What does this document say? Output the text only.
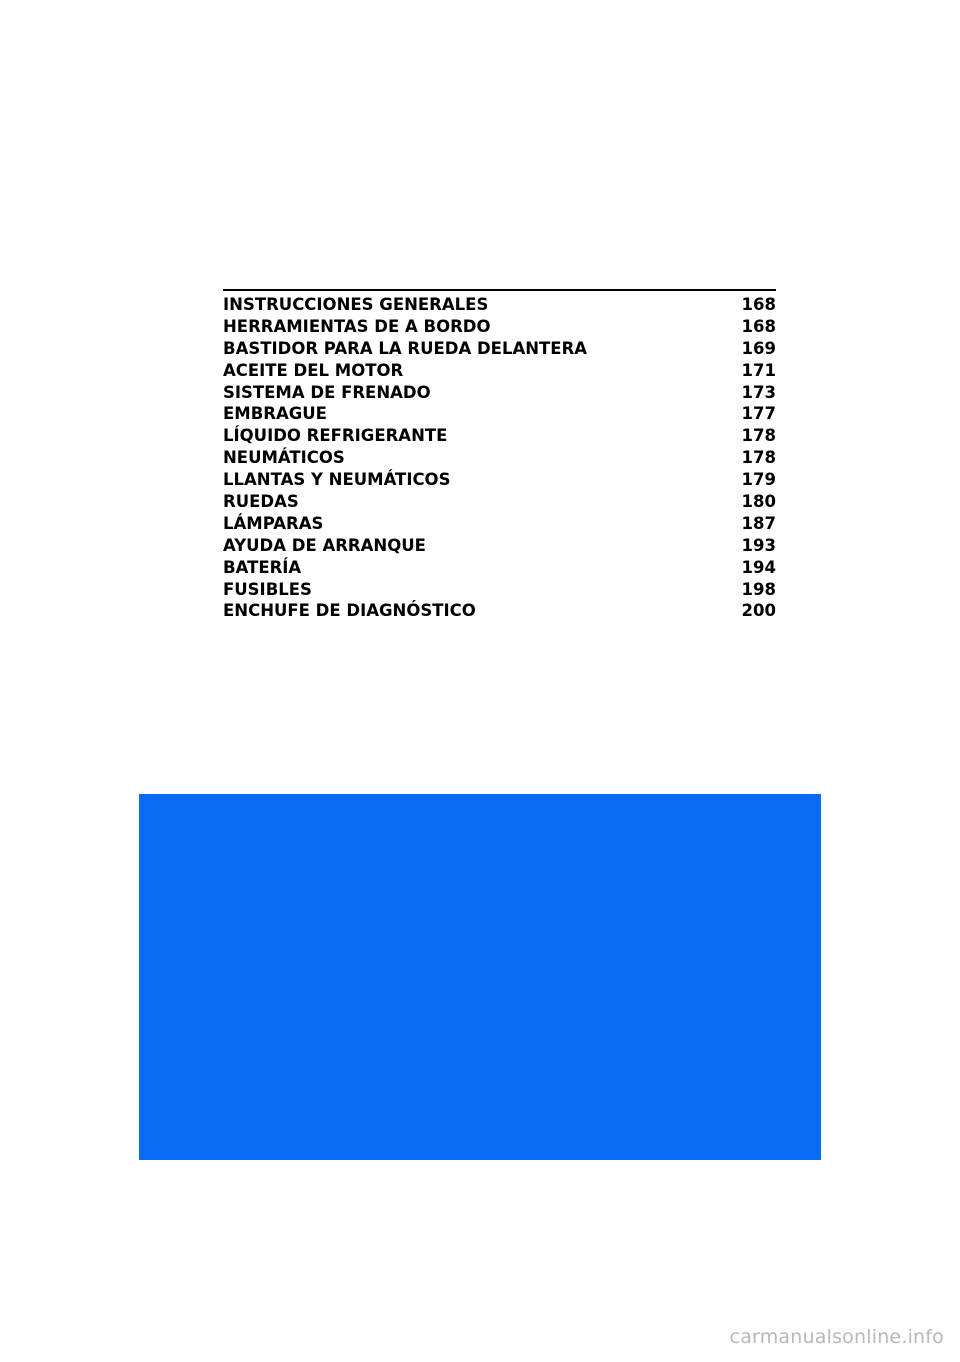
INSTRUCCIONES GENERALES	168
HERRAMIENTAS DE A BORDO	168
BASTIDOR PARA LA RUEDA DELANTERA	169
ACEITE DEL MOTOR	171
SISTEMA DE FRENADO	173
EMBRAGUE	177
LÍQUIDO REFRIGERANTE	178
NEUMÁTICOS	178
LLANTAS Y NEUMÁTICOS	179
RUEDAS	180
LÁMPARAS	187
AYUDA DE ARRANQUE	193
BATERÍA	194
FUSIBLES	198
ENCHUFE DE DIAGNÓSTICO	200
carmanualsonline.info
